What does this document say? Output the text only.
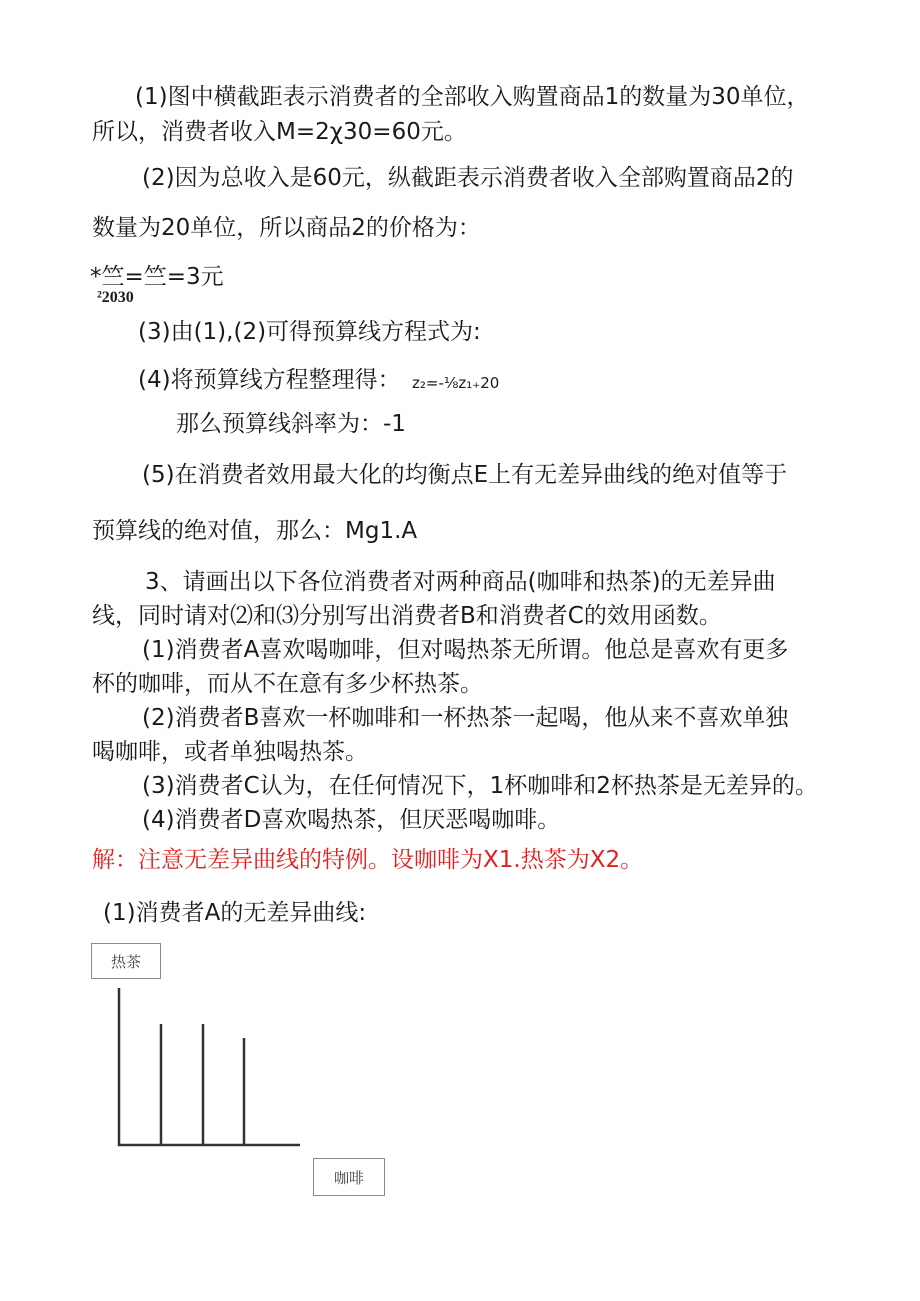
(1)图中横截距表示消费者的全部收入购置商品1的数量为30单位，
所以，消费者收入M=2χ30=60元。
(2)因为总收入是60元，纵截距表示消费者收入全部购置商品2的
数量为20单位，所以商品2的价格为：
*竺=竺=3元
²2030
(3)由(1),(2)可得预算线方程式为:
(4)将预算线方程整理得： z₂=-⅛z₁₊20
那么预算线斜率为：-1
(5)在消费者效用最大化的均衡点E上有无差异曲线的绝对值等于
预算线的绝对值，那么：Mg1.A
3、请画出以下各位消费者对两种商品(咖啡和热茶)的无差异曲
线，同时请对⑵和⑶分别写出消费者B和消费者C的效用函数。
(1)消费者A喜欢喝咖啡，但对喝热茶无所谓。他总是喜欢有更多
杯的咖啡，而从不在意有多少杯热茶。
(2)消费者B喜欢一杯咖啡和一杯热茶一起喝，他从来不喜欢单独
喝咖啡，或者单独喝热茶。
(3)消费者C认为，在任何情况下，1杯咖啡和2杯热茶是无差异的。
(4)消费者D喜欢喝热茶，但厌恶喝咖啡。
解：注意无差异曲线的特例。设咖啡为X1.热茶为X2。
(1)消费者A的无差异曲线:
热茶
咖啡
